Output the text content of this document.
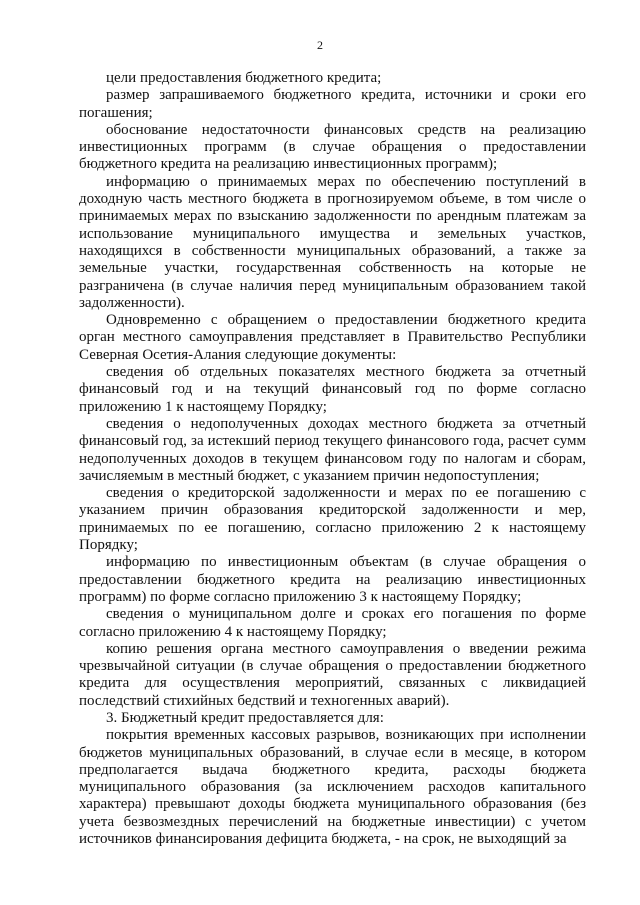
2

цели предоставления бюджетного кредита;

размер запрашиваемого бюджетного кредита, источники и сроки его погашения;

обоснование недостаточности финансовых средств на реализацию инвестиционных программ (в случае обращения о предоставлении бюджетного кредита на реализацию инвестиционных программ);

информацию о принимаемых мерах по обеспечению поступлений в доходную часть местного бюджета в прогнозируемом объеме, в том числе о принимаемых мерах по взысканию задолженности по арендным платежам за использование муниципального имущества и земельных участков, находящихся в собственности муниципальных образований, а также за земельные участки, государственная собственность на которые не разграничена (в случае наличия перед муниципальным образованием такой задолженности).

Одновременно с обращением о предоставлении бюджетного кредита орган местного самоуправления представляет в Правительство Республики Северная Осетия-Алания следующие документы:

сведения об отдельных показателях местного бюджета за отчетный финансовый год и на текущий финансовый год по форме согласно приложению 1 к настоящему Порядку;

сведения о недополученных доходах местного бюджета за отчетный финансовый год, за истекший период текущего финансового года, расчет сумм недополученных доходов в текущем финансовом году по налогам и сборам, зачисляемым в местный бюджет, с указанием причин недопоступления;

сведения о кредиторской задолженности и мерах по ее погашению с указанием причин образования кредиторской задолженности и мер, принимаемых по ее погашению, согласно приложению 2 к настоящему Порядку;

информацию по инвестиционным объектам (в случае обращения о предоставлении бюджетного кредита на реализацию инвестиционных программ) по форме согласно приложению 3 к настоящему Порядку;

сведения о муниципальном долге и сроках его погашения по форме согласно приложению 4 к настоящему Порядку;

копию решения органа местного самоуправления о введении режима чрезвычайной ситуации (в случае обращения о предоставлении бюджетного кредита для осуществления мероприятий, связанных с ликвидацией последствий стихийных бедствий и техногенных аварий).

3. Бюджетный кредит предоставляется для:

покрытия временных кассовых разрывов, возникающих при исполнении бюджетов муниципальных образований, в случае если в месяце, в котором предполагается выдача бюджетного кредита, расходы бюджета муниципального образования (за исключением расходов капитального характера) превышают доходы бюджета муниципального образования (без учета безвозмездных перечислений на бюджетные инвестиции) с учетом источников финансирования дефицита бюджета, - на срок, не выходящий за
